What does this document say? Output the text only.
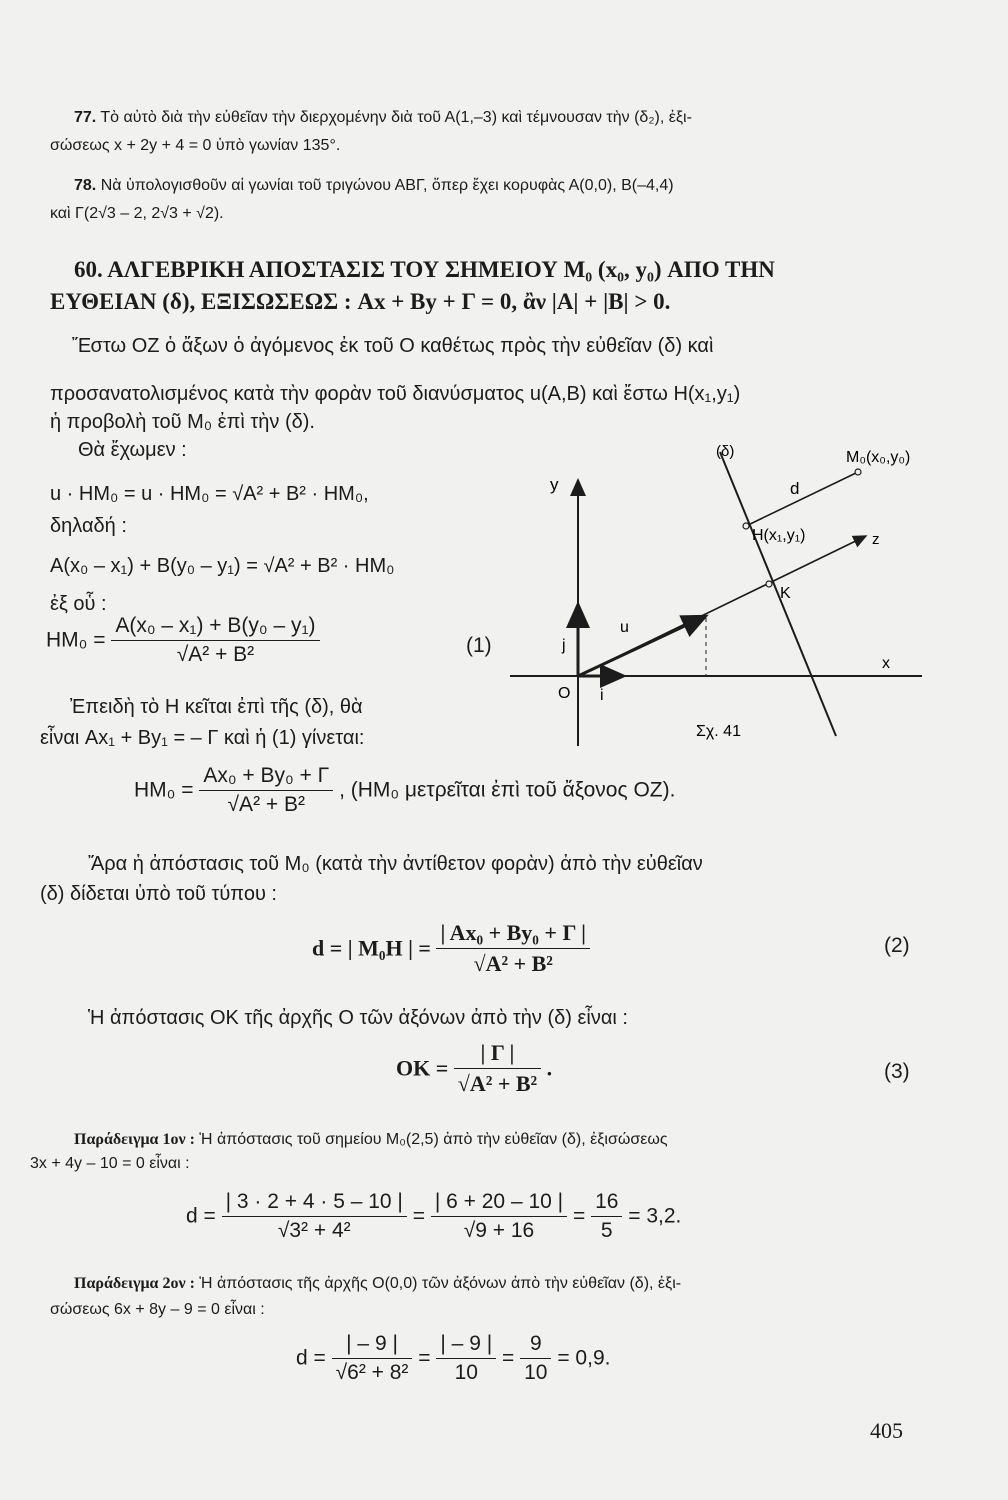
77. Τὸ αὐτὸ διὰ τὴν εὐθεῖαν τὴν διερχομένην διὰ τοῦ Α(1,–3) καὶ τέμνουσαν τὴν (δ₂), ἐξι-
σώσεως x + 2y + 4 = 0 ὑπὸ γωνίαν 135°.
78. Νὰ ὑπολογισθοῦν αἱ γωνίαι τοῦ τριγώνου ΑΒΓ, ὅπερ ἔχει κορυφὰς Α(0,0), Β(–4,4)
καὶ Γ(2√3 – 2, 2√3 + √2).
60. ΑΛΓΕΒΡΙΚΗ ΑΠΟΣΤΑΣΙΣ ΤΟΥ ΣΗΜΕΙΟΥ M₀ (x₀, y₀) ΑΠΟ ΤΗΝ
ΕΥΘΕΙΑΝ (δ), ΕΞΙΣΩΣΕΩΣ : Ax + By + Γ = 0, ἂν |A| + |B| > 0.
Ἔστω OZ ὁ ἄξων ὁ ἀγόμενος ἐκ τοῦ Ο καθέτως πρὸς τὴν εὐθεῖαν (δ) καὶ
προσανατολισμένος κατὰ τὴν φορὰν τοῦ διανύσματος u(A,B) καὶ ἔστω H(x₁,y₁)
ἡ προβολὴ τοῦ M₀ ἐπὶ τὴν (δ).
Θὰ ἔχωμεν :
u · HM₀ = u · HM₀ = √A² + B² · HM₀,
δηλαδή :
A(x₀ – x₁) + B(y₀ – y₁) = √A² + B² · HM₀
ἐξ οὗ :
$HM_0 = \frac{\text{A(x₀ – x₁) + B(y₀ – y₁)}}{\text{√A² + B²}}$	(1)
Ἐπειδὴ τὸ H κεῖται ἐπὶ τῆς (δ), θὰ
εἶναι Ax₁ + By₁ = – Γ καὶ ἡ (1) γίνεται:
$HM_0 = \frac{\text{Ax₀ + By₀ + Γ}}{\text{√A² + B²}}$ , (HM₀ μετρεῖται ἐπὶ τοῦ ἄξονος OZ).
Ἄρα ἡ ἀπόστασις τοῦ M₀ (κατὰ τὴν ἀντίθετον φορὰν) ἀπὸ τὴν εὐθεῖαν
(δ) δίδεται ὑπὸ τοῦ τύπου :
d = | M₀H | = $\frac{\text{| Ax₀ + By₀ + Γ |}}{\text{√A² + B²}}$	(2)
Ἡ ἀπόστασις OK τῆς ἀρχῆς O τῶν ἀξόνων ἀπὸ τὴν (δ) εἶναι :
OK = $\frac{| \Gamma |}{\text{√A² + B²}}$ .	(3)
Παράδειγμα 1ον : Ἡ ἀπόστασις τοῦ σημείου M₀(2,5) ἀπὸ τὴν εὐθεῖαν (δ), ἐξισώσεως
3x + 4y – 10 = 0 εἶναι :
$d = \frac{| 3 \cdot 2 + 4 \cdot 5 - 10 |}{\text{√3² + 4²}} = \frac{| 6 + 20 - 10 |}{√9 + 16} = \frac{16}{5} = 3,2$.
Παράδειγμα 2ον : Ἡ ἀπόστασις τῆς ἀρχῆς O(0,0) τῶν ἀξόνων ἀπὸ τὴν εὐθεῖαν (δ), ἐξι-
σώσεως 6x + 8y – 9 = 0 εἶναι :
$d = \frac{| - 9 |}{\text{√6² + 8²}} = \frac{| - 9 |}{10} = \frac{9}{10} = 0,9$.
405
(δ)	M₀(x₀,y₀)
d
H(x₁,y₁)	z
K
y
x
u
j
i
O
Σχ. 41
